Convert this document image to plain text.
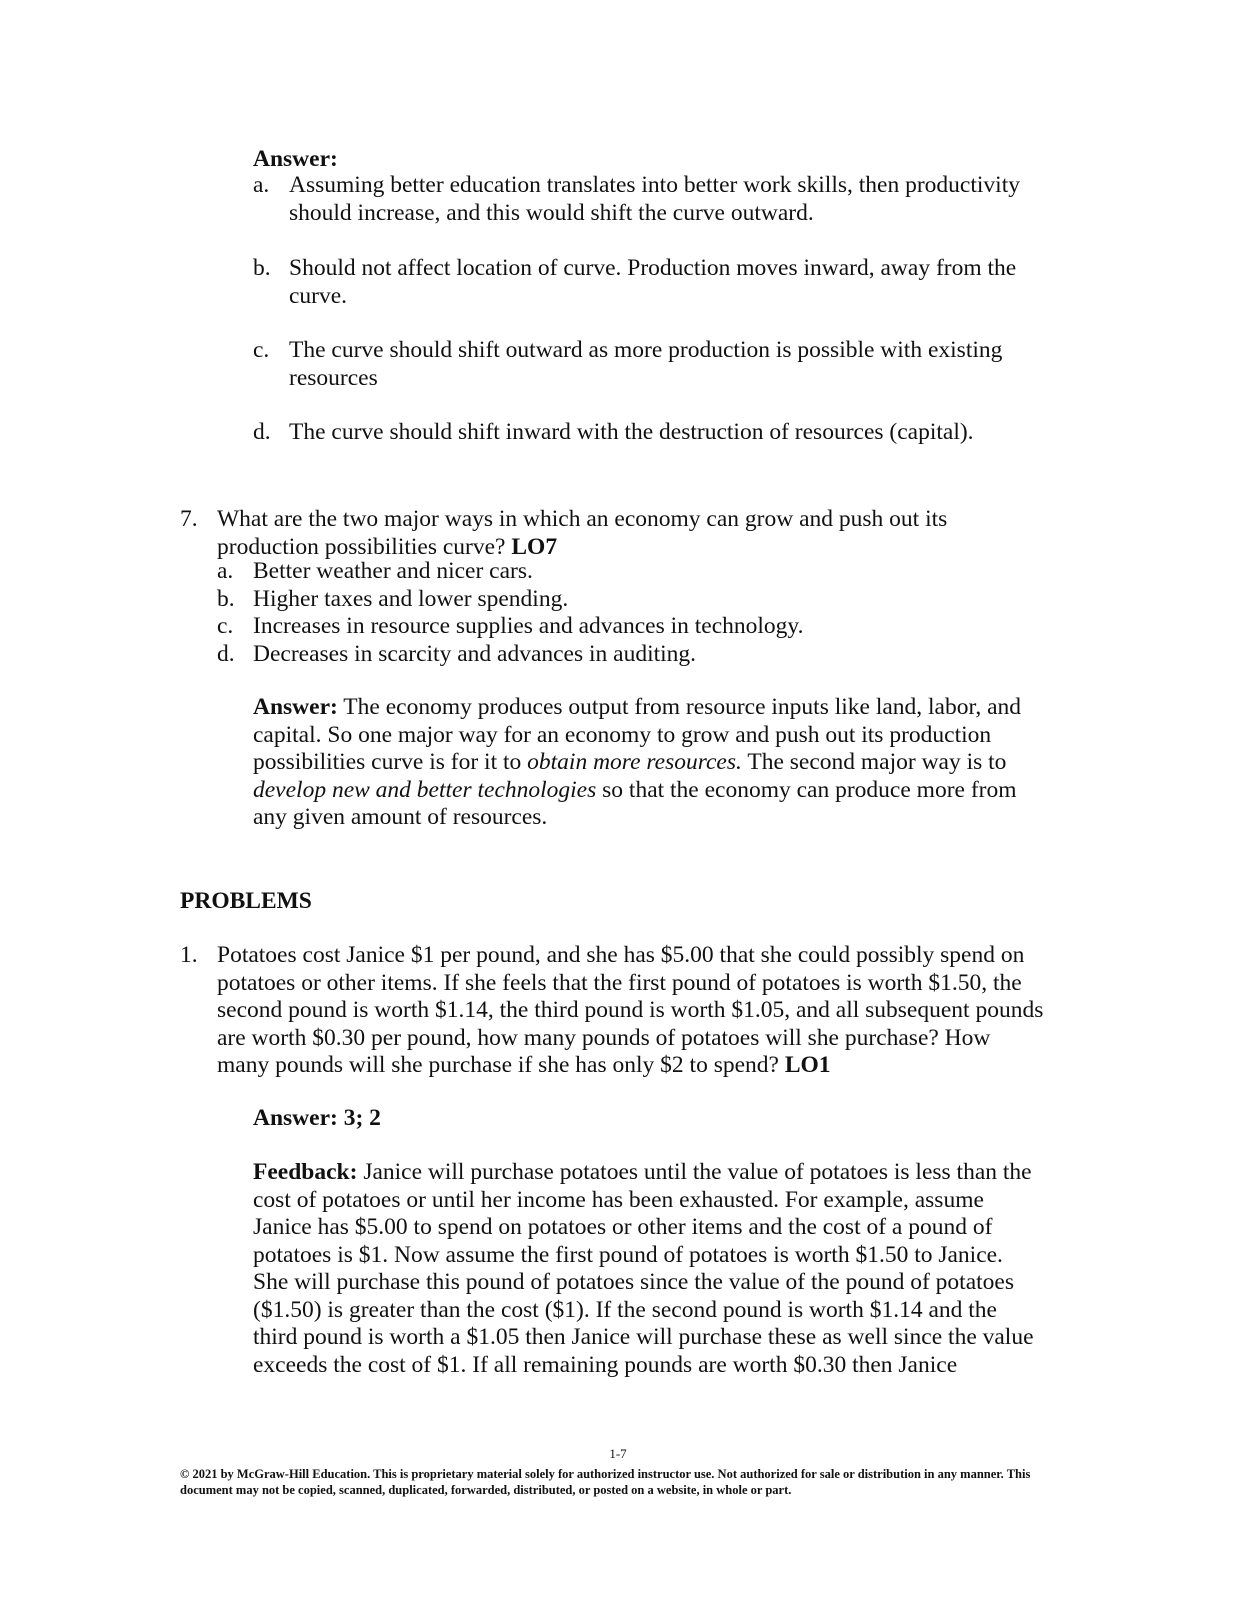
Answer:
a. Assuming better education translates into better work skills, then productivity should increase, and this would shift the curve outward.
b. Should not affect location of curve. Production moves inward, away from the curve.
c. The curve should shift outward as more production is possible with existing resources
d. The curve should shift inward with the destruction of resources (capital).
7. What are the two major ways in which an economy can grow and push out its production possibilities curve? LO7
a. Better weather and nicer cars.
b. Higher taxes and lower spending.
c. Increases in resource supplies and advances in technology.
d. Decreases in scarcity and advances in auditing.
Answer: The economy produces output from resource inputs like land, labor, and capital. So one major way for an economy to grow and push out its production possibilities curve is for it to obtain more resources. The second major way is to develop new and better technologies so that the economy can produce more from any given amount of resources.
PROBLEMS
1. Potatoes cost Janice $1 per pound, and she has $5.00 that she could possibly spend on potatoes or other items. If she feels that the first pound of potatoes is worth $1.50, the second pound is worth $1.14, the third pound is worth $1.05, and all subsequent pounds are worth $0.30 per pound, how many pounds of potatoes will she purchase? How many pounds will she purchase if she has only $2 to spend? LO1
Answer: 3; 2
Feedback: Janice will purchase potatoes until the value of potatoes is less than the cost of potatoes or until her income has been exhausted. For example, assume Janice has $5.00 to spend on potatoes or other items and the cost of a pound of potatoes is $1. Now assume the first pound of potatoes is worth $1.50 to Janice. She will purchase this pound of potatoes since the value of the pound of potatoes ($1.50) is greater than the cost ($1). If the second pound is worth $1.14 and the third pound is worth a $1.05 then Janice will purchase these as well since the value exceeds the cost of $1. If all remaining pounds are worth $0.30 then Janice
1-7
© 2021 by McGraw-Hill Education. This is proprietary material solely for authorized instructor use. Not authorized for sale or distribution in any manner. This document may not be copied, scanned, duplicated, forwarded, distributed, or posted on a website, in whole or part.
